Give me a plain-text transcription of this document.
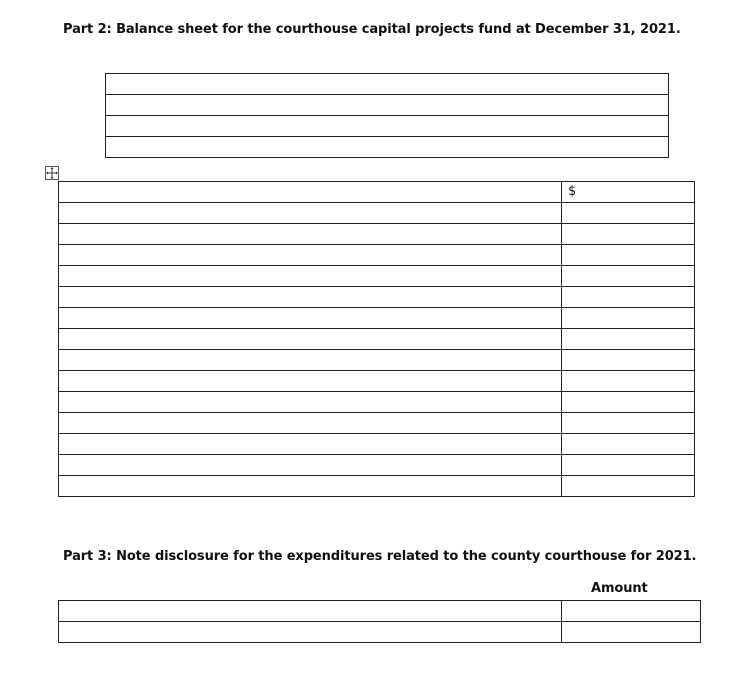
Part 2: Balance sheet for the courthouse capital projects fund at December 31, 2021.

	$

Part 3: Note disclosure for the expenditures related to the county courthouse for 2021.
Amount
